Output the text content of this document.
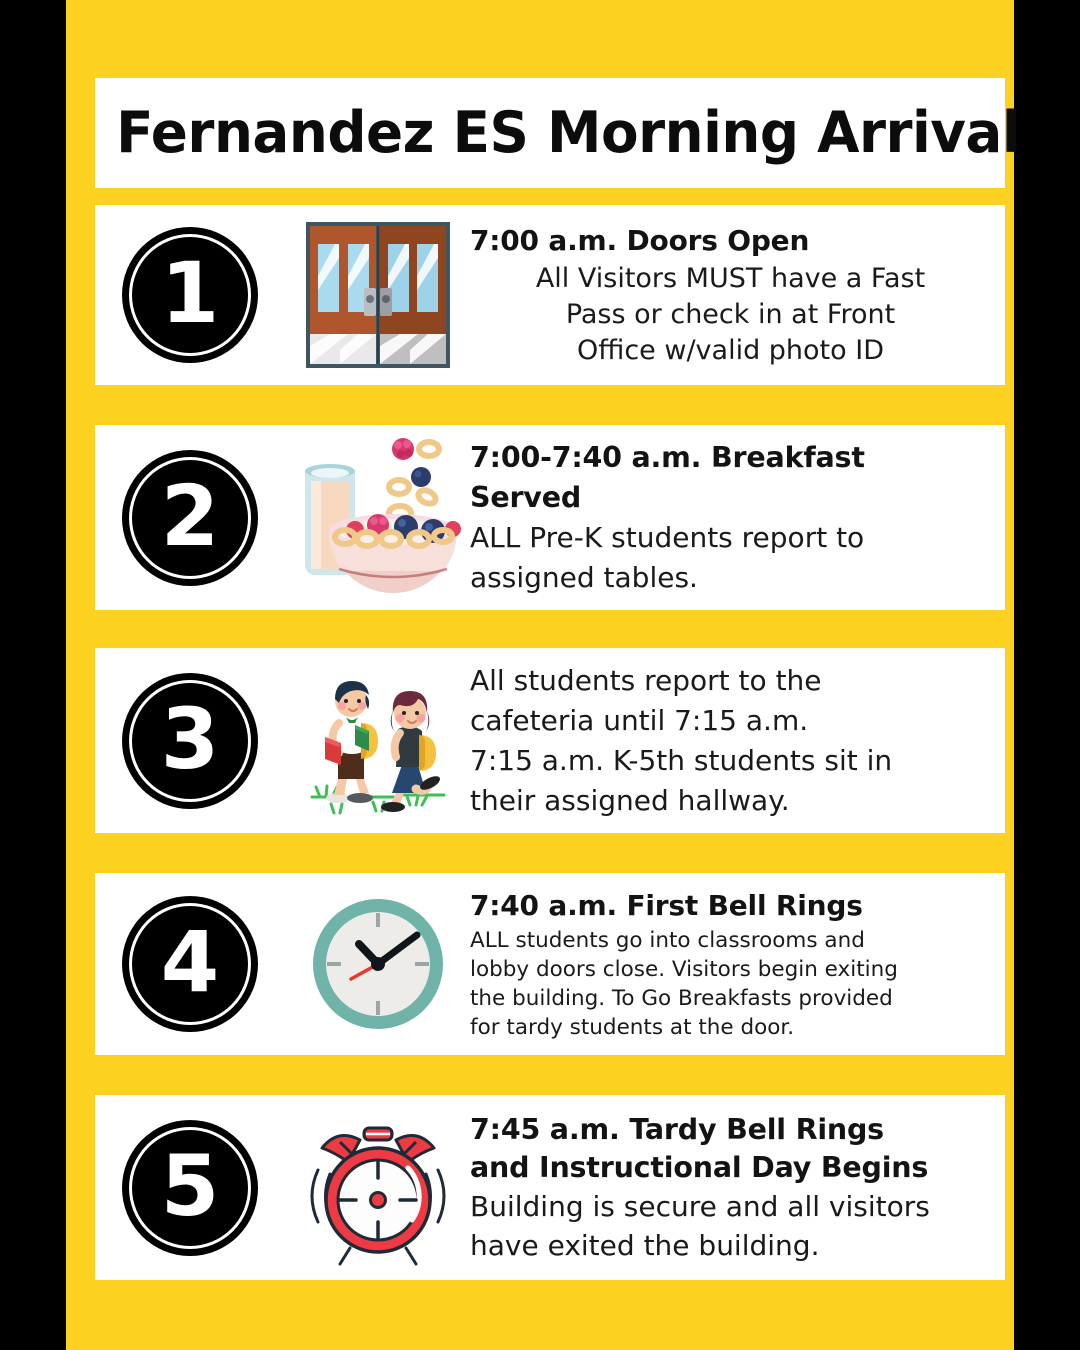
Fernandez ES Morning Arrival
1
7:00 a.m. Doors Open
All Visitors MUST have a Fast
Pass or check in at Front
Office w/valid photo ID
2
7:00-7:40 a.m. Breakfast
Served
ALL Pre-K students report to
assigned tables.
3
All students report to the
cafeteria until 7:15 a.m.
7:15 a.m. K-5th students sit in
their assigned hallway.
4
7:40 a.m. First Bell Rings
ALL students go into classrooms and
lobby doors close. Visitors begin exiting
the building. To Go Breakfasts provided
for tardy students at the door.
5
7:45 a.m. Tardy Bell Rings
and Instructional Day Begins
Building is secure and all visitors
have exited the building.
